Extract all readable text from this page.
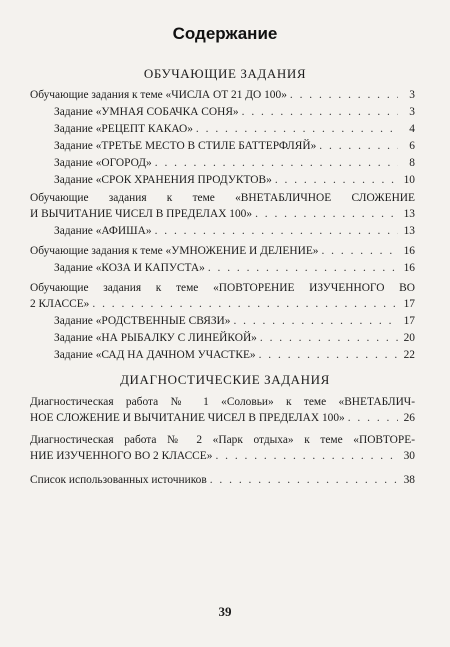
Содержание
ОБУЧАЮЩИЕ ЗАДАНИЯ
Обучающие задания к теме «ЧИСЛА ОТ 21 ДО 100» . . .	3
Задание «УМНАЯ СОБАЧКА СОНЯ» . . .	3
Задание «РЕЦЕПТ КАКАО» . . .	4
Задание «ТРЕТЬЕ МЕСТО В СТИЛЕ БАТТЕРФЛЯЙ» . . .	6
Задание «ОГОРОД» . . .	8
Задание «СРОК ХРАНЕНИЯ ПРОДУКТОВ» . . .	10
Обучающие задания к теме «ВНЕТАБЛИЧНОЕ СЛОЖЕНИЕ
И ВЫЧИТАНИЕ ЧИСЕЛ В ПРЕДЕЛАХ 100» . . .	13
Задание «АФИША» . . .	13
Обучающие задания к теме «УМНОЖЕНИЕ И ДЕЛЕНИЕ» . . .	16
Задание «КОЗА И КАПУСТА» . . .	16
Обучающие задания к теме «ПОВТОРЕНИЕ ИЗУЧЕННОГО ВО
2 КЛАССЕ» . . .	17
Задание «РОДСТВЕННЫЕ СВЯЗИ» . . .	17
Задание «НА РЫБАЛКУ С ЛИНЕЙКОЙ» . . .	20
Задание «САД НА ДАЧНОМ УЧАСТКЕ» . . .	22
ДИАГНОСТИЧЕСКИЕ ЗАДАНИЯ
Диагностическая работа № 1 «Соловьи» к теме «ВНЕТАБЛИЧ-
НОЕ СЛОЖЕНИЕ И ВЫЧИТАНИЕ ЧИСЕЛ В ПРЕДЕЛАХ 100» . . .	26
Диагностическая работа № 2 «Парк отдыха» к теме «ПОВТОРЕ-
НИЕ ИЗУЧЕННОГО ВО 2 КЛАССЕ» . . .	30
Список использованных источников . . .	38
39
